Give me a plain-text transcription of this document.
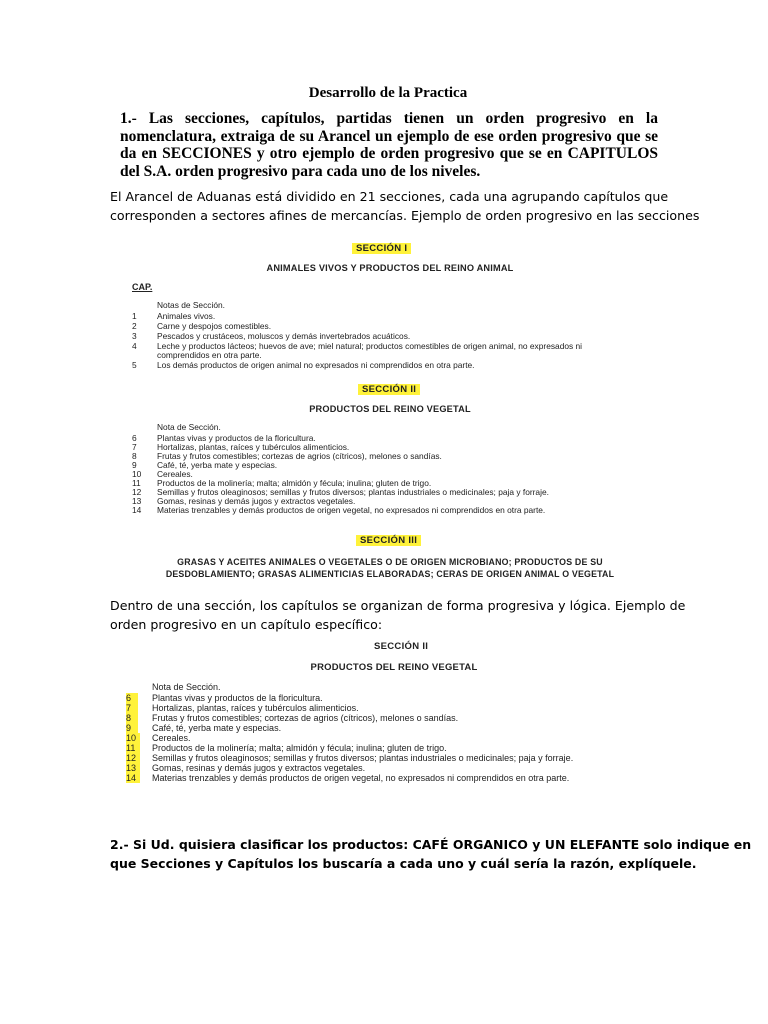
Desarrollo de la Practica
1.- Las secciones, capítulos, partidas tienen un orden progresivo en la
nomenclatura, extraiga de su Arancel un ejemplo de ese orden progresivo que se
da en SECCIONES y otro ejemplo de orden progresivo que se en CAPITULOS
del S.A. orden progresivo para cada uno de los niveles.
El Arancel de Aduanas está dividido en 21 secciones, cada una agrupando capítulos que
corresponden a sectores afines de mercancías. Ejemplo de orden progresivo en las secciones
SECCIÓN I
ANIMALES VIVOS Y PRODUCTOS DEL REINO ANIMAL
CAP.
Notas de Sección.
1	Animales vivos.
2	Carne y despojos comestibles.
3	Pescados y crustáceos, moluscos y demás invertebrados acuáticos.
4	Leche y productos lácteos; huevos de ave; miel natural; productos comestibles de origen animal, no expresados ni
comprendidos en otra parte.
5	Los demás productos de origen animal no expresados ni comprendidos en otra parte.
SECCIÓN II
PRODUCTOS DEL REINO VEGETAL
Nota de Sección.
6	Plantas vivas y productos de la floricultura.
7	Hortalizas, plantas, raíces y tubérculos alimenticios.
8	Frutas y frutos comestibles; cortezas de agrios (cítricos), melones o sandías.
9	Café, té, yerba mate y especias.
10	Cereales.
11	Productos de la molinería; malta; almidón y fécula; inulina; gluten de trigo.
12	Semillas y frutos oleaginosos; semillas y frutos diversos; plantas industriales o medicinales; paja y forraje.
13	Gomas, resinas y demás jugos y extractos vegetales.
14	Materias trenzables y demás productos de origen vegetal, no expresados ni comprendidos en otra parte.
SECCIÓN III
GRASAS Y ACEITES ANIMALES O VEGETALES O DE ORIGEN MICROBIANO; PRODUCTOS DE SU
DESDOBLAMIENTO; GRASAS ALIMENTICIAS ELABORADAS; CERAS DE ORIGEN ANIMAL O VEGETAL
Dentro de una sección, los capítulos se organizan de forma progresiva y lógica. Ejemplo de
orden progresivo en un capítulo específico:
SECCIÓN II
PRODUCTOS DEL REINO VEGETAL
Nota de Sección.
6	Plantas vivas y productos de la floricultura.
7	Hortalizas, plantas, raíces y tubérculos alimenticios.
8	Frutas y frutos comestibles; cortezas de agrios (cítricos), melones o sandías.
9	Café, té, yerba mate y especias.
10	Cereales.
11	Productos de la molinería; malta; almidón y fécula; inulina; gluten de trigo.
12	Semillas y frutos oleaginosos; semillas y frutos diversos; plantas industriales o medicinales; paja y forraje.
13	Gomas, resinas y demás jugos y extractos vegetales.
14	Materias trenzables y demás productos de origen vegetal, no expresados ni comprendidos en otra parte.
2.- Si Ud. quisiera clasificar los productos: CAFÉ ORGANICO y UN ELEFANTE solo indique en
que Secciones y Capítulos los buscaría a cada uno y cuál sería la razón, explíquele.
